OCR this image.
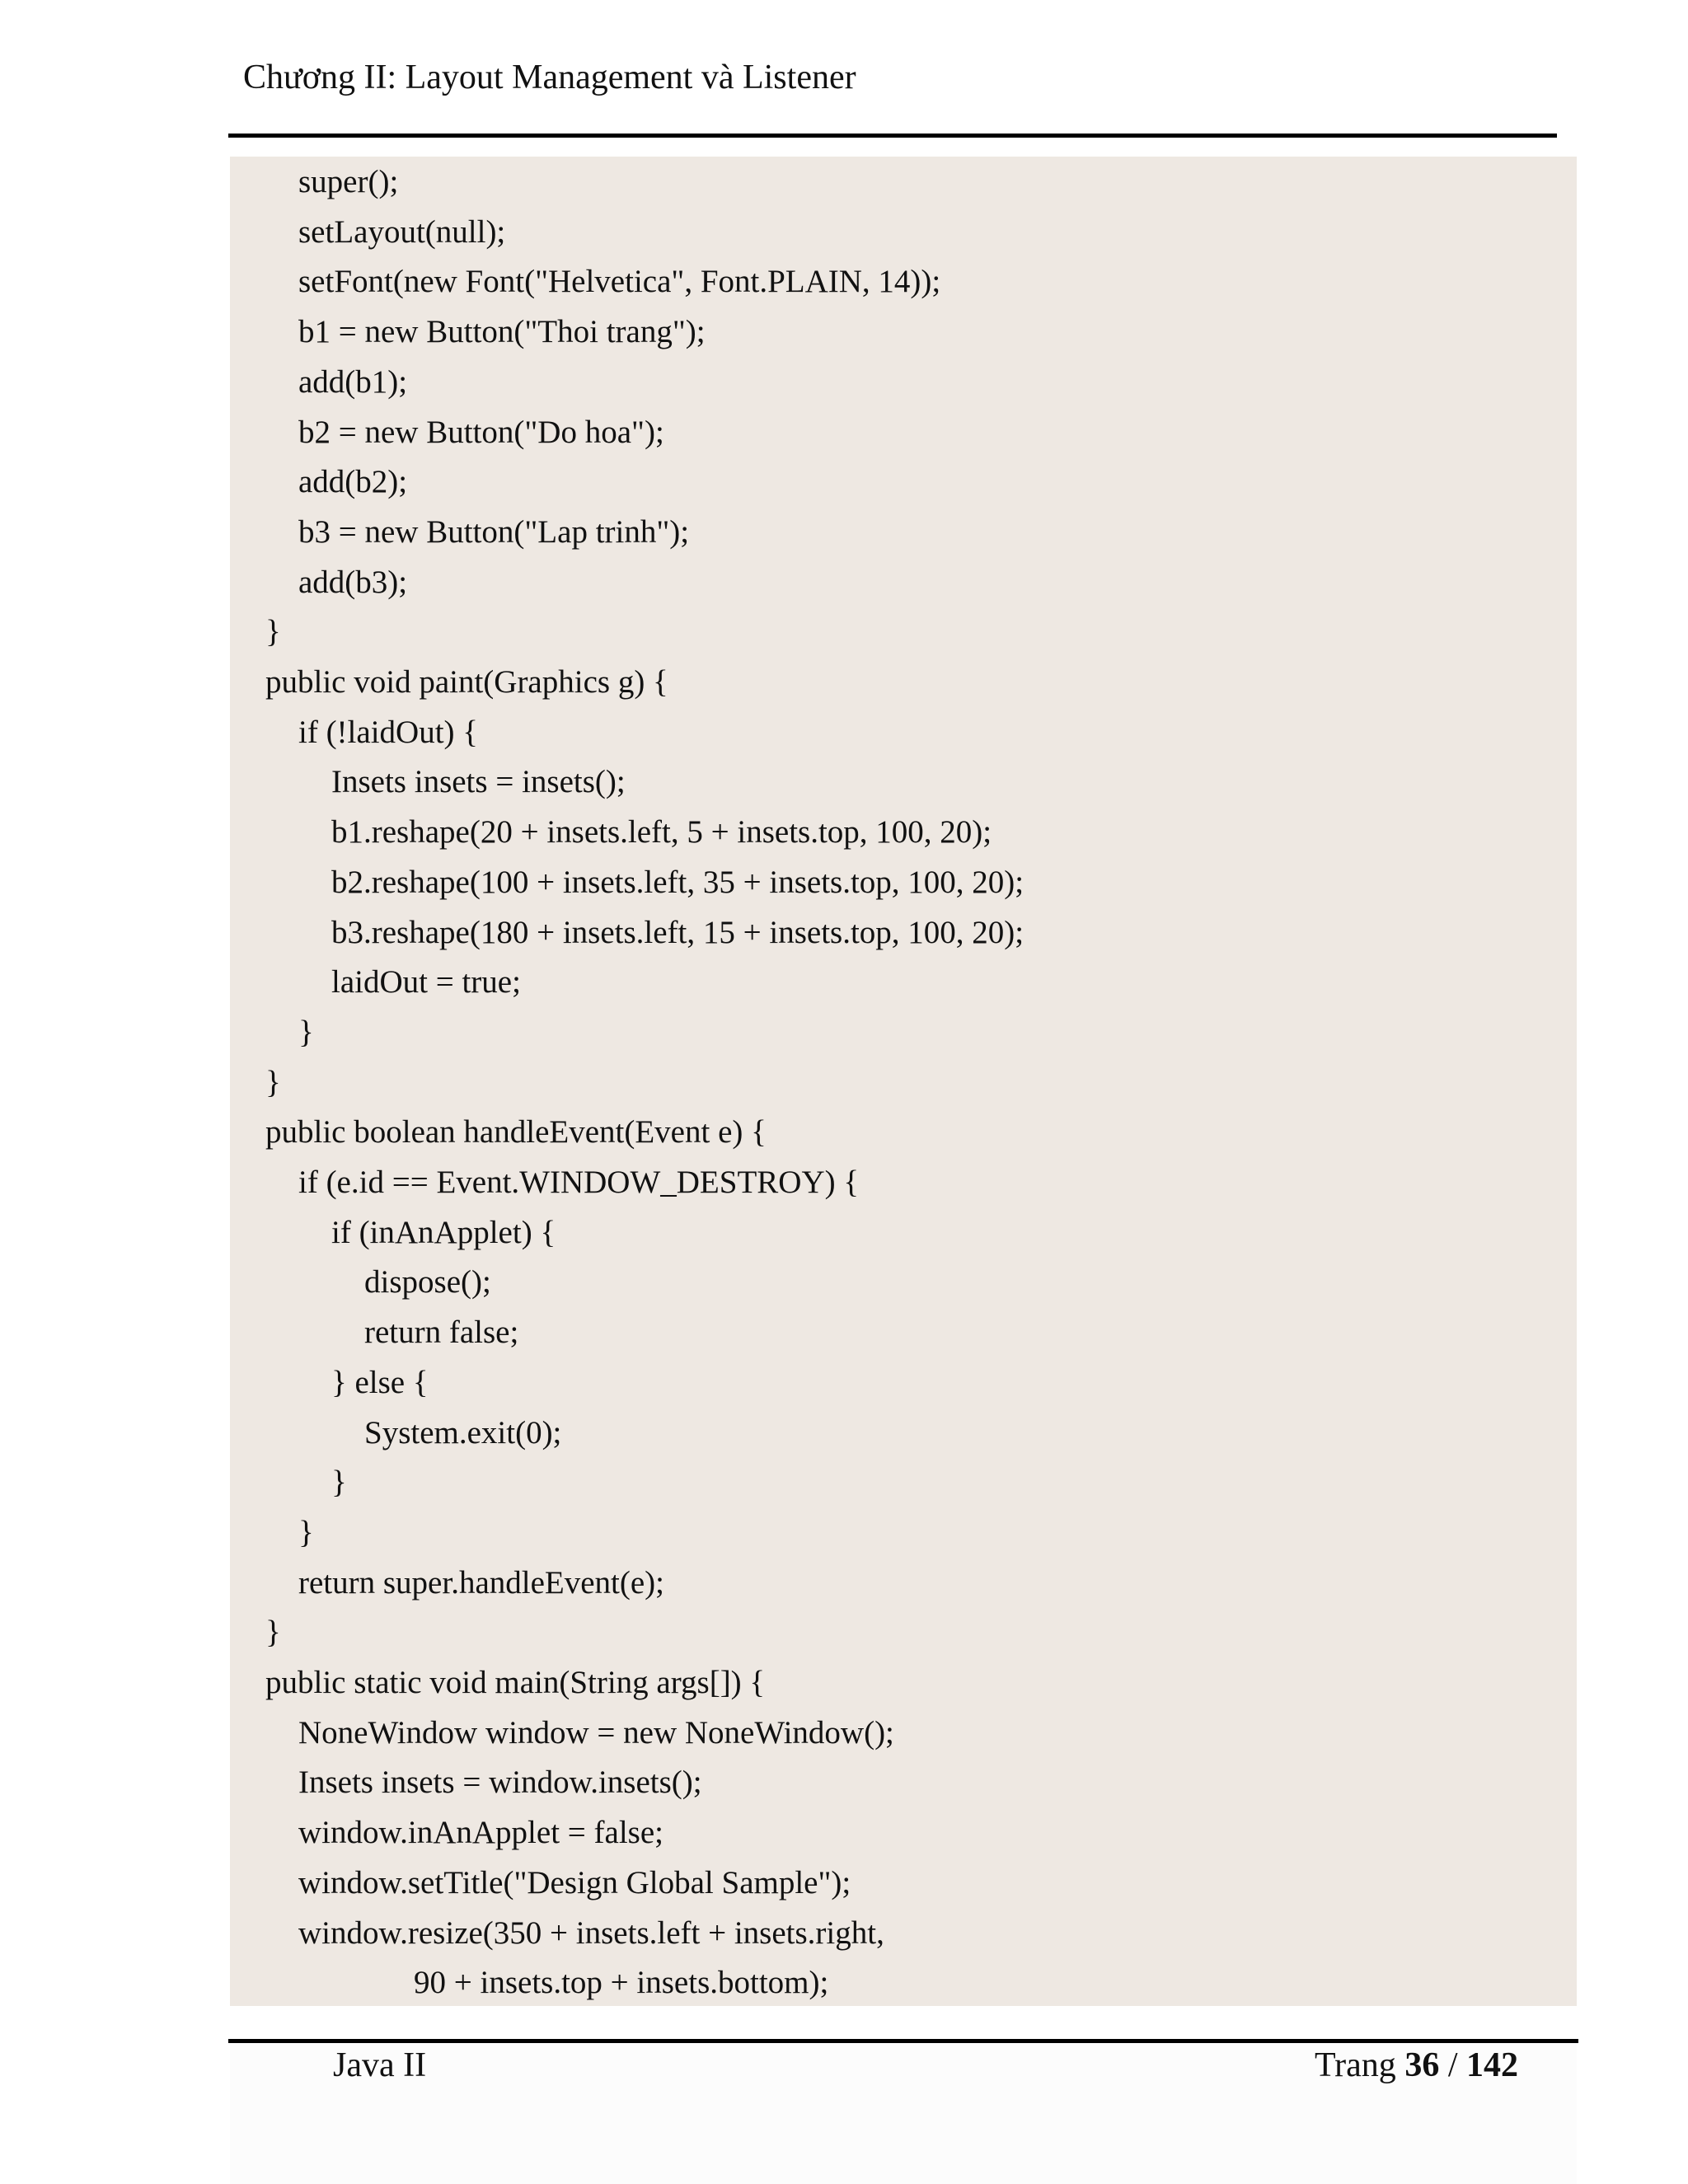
Chương II: Layout Management và Listener
super();
setLayout(null);
setFont(new Font("Helvetica", Font.PLAIN, 14));
b1 = new Button("Thoi trang");
add(b1);
b2 = new Button("Do hoa");
add(b2);
b3 = new Button("Lap trinh");
add(b3);
}
public void paint(Graphics g) {
if (!laidOut) {
Insets insets = insets();
b1.reshape(20 + insets.left, 5 + insets.top, 100, 20);
b2.reshape(100 + insets.left, 35 + insets.top, 100, 20);
b3.reshape(180 + insets.left, 15 + insets.top, 100, 20);
laidOut = true;
}
}
public boolean handleEvent(Event e) {
if (e.id == Event.WINDOW_DESTROY) {
if (inAnApplet) {
dispose();
return false;
} else {
System.exit(0);
}
}
return super.handleEvent(e);
}
public static void main(String args[]) {
NoneWindow window = new NoneWindow();
Insets insets = window.insets();
window.inAnApplet = false;
window.setTitle("Design Global Sample");
window.resize(350 + insets.left + insets.right,
90 + insets.top + insets.bottom);
Java II	Trang 36 / 142
